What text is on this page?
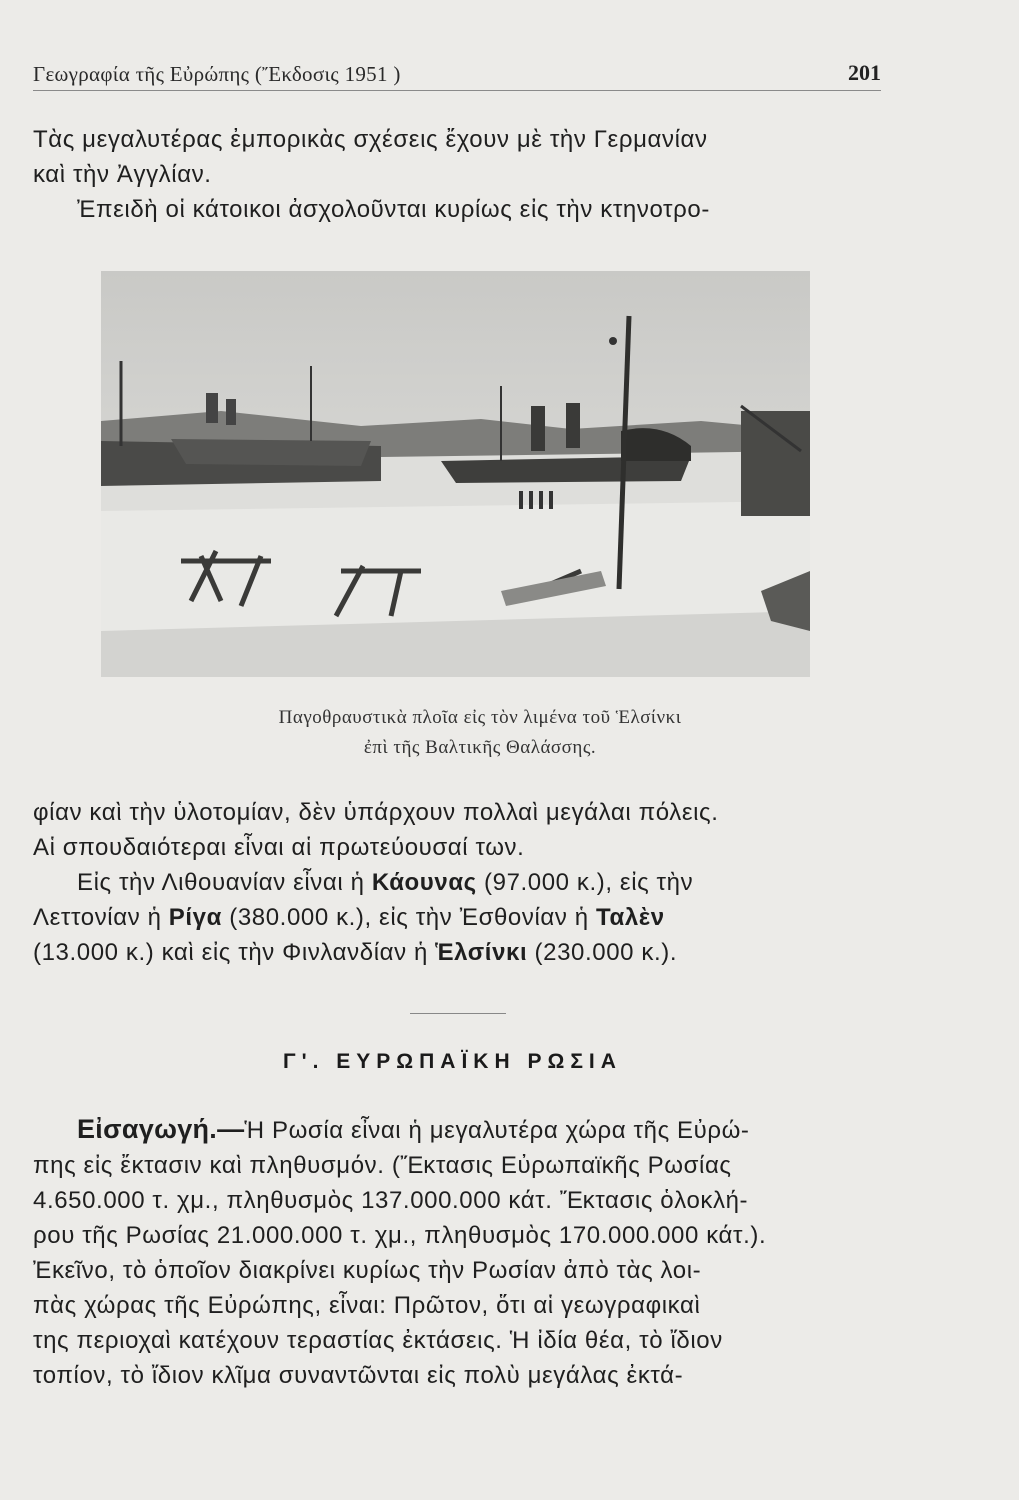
Γεωγραφία τῆς Εὐρώπης (Ἔκδοσις 1951 )	201
Τὰς μεγαλυτέρας ἐμπορικὰς σχέσεις ἔχουν μὲ τὴν Γερμανίαν
καὶ τὴν Ἀγγλίαν.
Ἐπειδὴ οἱ κάτοικοι ἀσχολοῦνται κυρίως εἰς τὴν κτηνοτρο-
Παγοθραυστικὰ πλοῖα εἰς τὸν λιμένα τοῦ Ἑλσίνκι
ἐπὶ τῆς Βαλτικῆς Θαλάσσης.
φίαν καὶ τὴν ὑλοτομίαν, δὲν ὑπάρχουν πολλαὶ μεγάλαι πόλεις.
Αἱ σπουδαιότεραι εἶναι αἱ πρωτεύουσαί των.
Εἰς τὴν Λιθουανίαν εἶναι ἡ Κάουνας (97.000 κ.), εἰς τὴν
Λεττονίαν ἡ Ρίγα (380.000 κ.), εἰς τὴν Ἐσθονίαν ἡ Ταλὲν
(13.000 κ.) καὶ εἰς τὴν Φινλανδίαν ἡ Ἑλσίνκι (230.000 κ.).
Γ'. ΕΥΡΩΠΑΪΚΗ ΡΩΣΙΑ
Εἰσαγωγή.—Ἡ Ρωσία εἶναι ἡ μεγαλυτέρα χώρα τῆς Εὐρώ-
πης εἰς ἔκτασιν καὶ πληθυσμόν. (Ἔκτασις Εὐρωπαϊκῆς Ρωσίας
4.650.000 τ. χμ., πληθυσμὸς 137.000.000 κάτ. Ἔκτασις ὁλοκλή-
ρου τῆς Ρωσίας 21.000.000 τ. χμ., πληθυσμὸς 170.000.000 κάτ.).
Ἐκεῖνο, τὸ ὁποῖον διακρίνει κυρίως τὴν Ρωσίαν ἀπὸ τὰς λοι-
πὰς χώρας τῆς Εὐρώπης, εἶναι: Πρῶτον, ὅτι αἱ γεωγραφικαὶ
της περιοχαὶ κατέχουν τεραστίας ἐκτάσεις. Ἡ ἰδία θέα, τὸ ἴδιον
τοπίον, τὸ ἴδιον κλῖμα συναντῶνται εἰς πολὺ μεγάλας ἐκτά-
